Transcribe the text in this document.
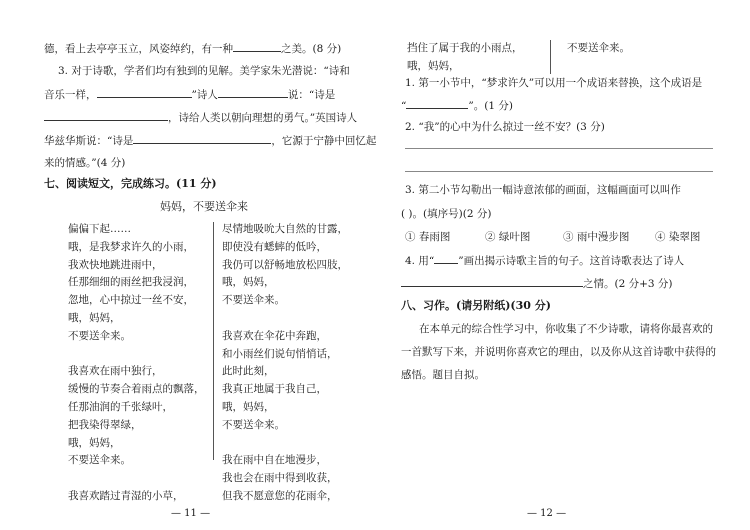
德，看上去亭亭玉立，风姿绰约，有一种	之美。(8 分)
3. 对于诗歌，学者们均有独到的见解。美学家朱光潜说：“诗和
音乐一样，	”诗人	说：“诗是
，诗给人类以朝向理想的勇气。”英国诗人
华兹华斯说：“诗是	，它源于宁静中回忆起
来的情感。”(4 分)
七、阅读短文，完成练习。(11 分)
妈妈，不要送伞来
偏偏下起……
哦，是我梦求许久的小雨，
我欢快地跳进雨中，
任那细细的雨丝把我浸润，
忽地，心中掠过一丝不安，
哦，妈妈，
不要送伞来。
我喜欢在雨中独行，
缓慢的节奏合着雨点的飘落，
任那油润的千张绿叶，
把我染得翠绿，
哦，妈妈，
不要送伞来。
我喜欢踏过青湿的小草，
尽情地吸吮大自然的甘露，
即使没有蟋蟀的低吟，
我仍可以舒畅地放松四肢，
哦，妈妈，
不要送伞来。
我喜欢在伞花中奔跑，
和小雨丝们说句悄悄话，
此时此刻，
我真正地属于我自己，
哦，妈妈，
不要送伞来。
我在雨中自在地漫步，
我也会在雨中得到收获，
但我不愿意您的花雨伞，
— 11 —
挡住了属于我的小雨点，
哦，妈妈，
不要送伞来。
1. 第一小节中，“梦求许久”可以用一个成语来替换，这个成语是
“	”。(1 分)
2. “我”的心中为什么掠过一丝不安？(3 分)
3. 第二小节勾勒出一幅诗意浓郁的画面，这幅画面可以叫作
( )。(填序号)(2 分)
① 春雨图	② 绿叶图	③ 雨中漫步图 ④ 染翠图
4. 用“ ”画出揭示诗歌主旨的句子。这首诗歌表达了诗人
之情。(2 分+3 分)
八、习作。(请另附纸)(30 分)
在本单元的综合性学习中，你收集了不少诗歌，请将你最喜欢的
一首默写下来，并说明你喜欢它的理由，以及你从这首诗歌中获得的
感悟。题目自拟。
— 12 —
